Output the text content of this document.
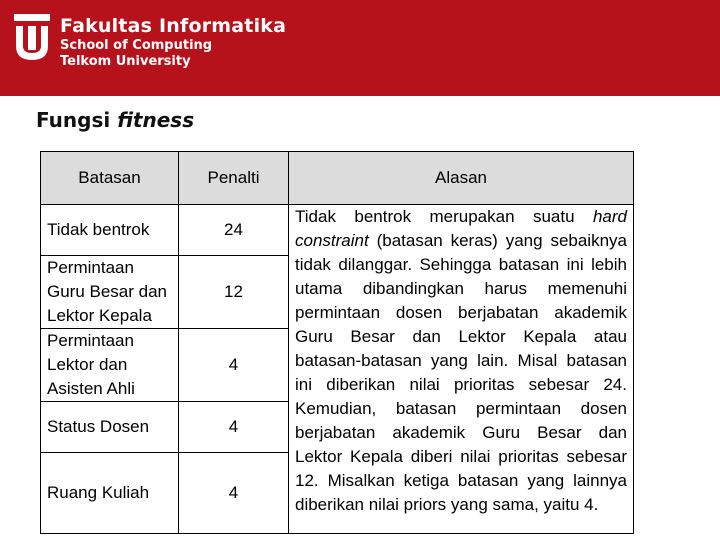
Fakultas Informatika
School of Computing
Telkom University
Fungsi fitness
Batasan	Penalti	Alasan
Tidak bentrok	24	Tidak bentrok merupakan suatu hard constraint (batasan keras) yang sebaiknya tidak dilanggar. Sehingga batasan ini lebih utama dibandingkan harus memenuhi permintaan dosen berjabatan akademik Guru Besar dan Lektor Kepala atau batasan-batasan yang lain. Misal batasan ini diberikan nilai prioritas sebesar 24. Kemudian, batasan permintaan dosen berjabatan akademik Guru Besar dan Lektor Kepala diberi nilai prioritas sebesar 12. Misalkan ketiga batasan yang lainnya diberikan nilai priors yang sama, yaitu 4.
Permintaan Guru Besar dan Lektor Kepala	12	
Permintaan Lektor dan Asisten Ahli	4	
Status Dosen	4	
Ruang Kuliah	4	
